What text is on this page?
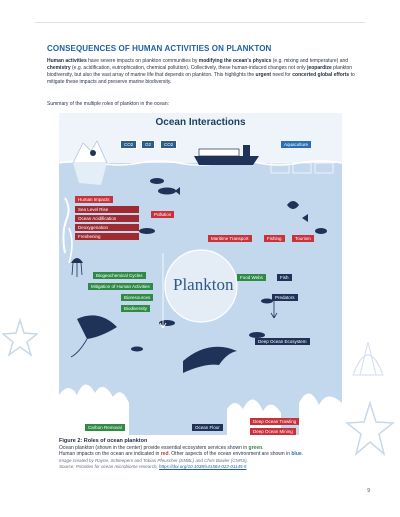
CONSEQUENCES OF HUMAN ACTIVITIES ON PLANKTON
Human activities have severe impacts on plankton communities by modifying the ocean's physics (e.g. mixing and temperature) and chemistry (e.g. acidification, eutrophication, chemical pollution). Collectively, these human-induced changes not only jeopardize plankton biodiversity, but also the vast array of marine life that depends on plankton. This highlights the urgent need for concerted global efforts to mitigate these impacts and preserve marine biodiversity.
Summary of the multiple roles of plankton in the ocean:
Ocean Interactions
CO2	O2	CO2	Aquaculture
Human Impacts
Sea Level Rise
Ocean Acidification
Deoxygenation
Freshening
Pollution
Maritime Transport	Fishing	Tourism
Biogeochemical Cycles
Mitigation of Human Activities
Bioresources
Biodiversity
Plankton	Food Webs	Fish
Predators
Deep Ocean Ecosystem
Carbon Removal	Ocean Floor
Deep Ocean Trawling
Deep Ocean Mining
Figure 2: Roles of ocean plankton
Ocean plankton (shown in the center) provide essential ecosystem services shown in green.
Human impacts on the ocean are indicated in red. Other aspects of the ocean environment are shown in blue.
Image created by Rayne, Schleepers and Tobias Pfeuscher (EMBL) and Chris Bowler (CNRS).
Source: Priorities for ocean microbiome research, https://doi.org/10.1038/s41564-022-01145-5
9
